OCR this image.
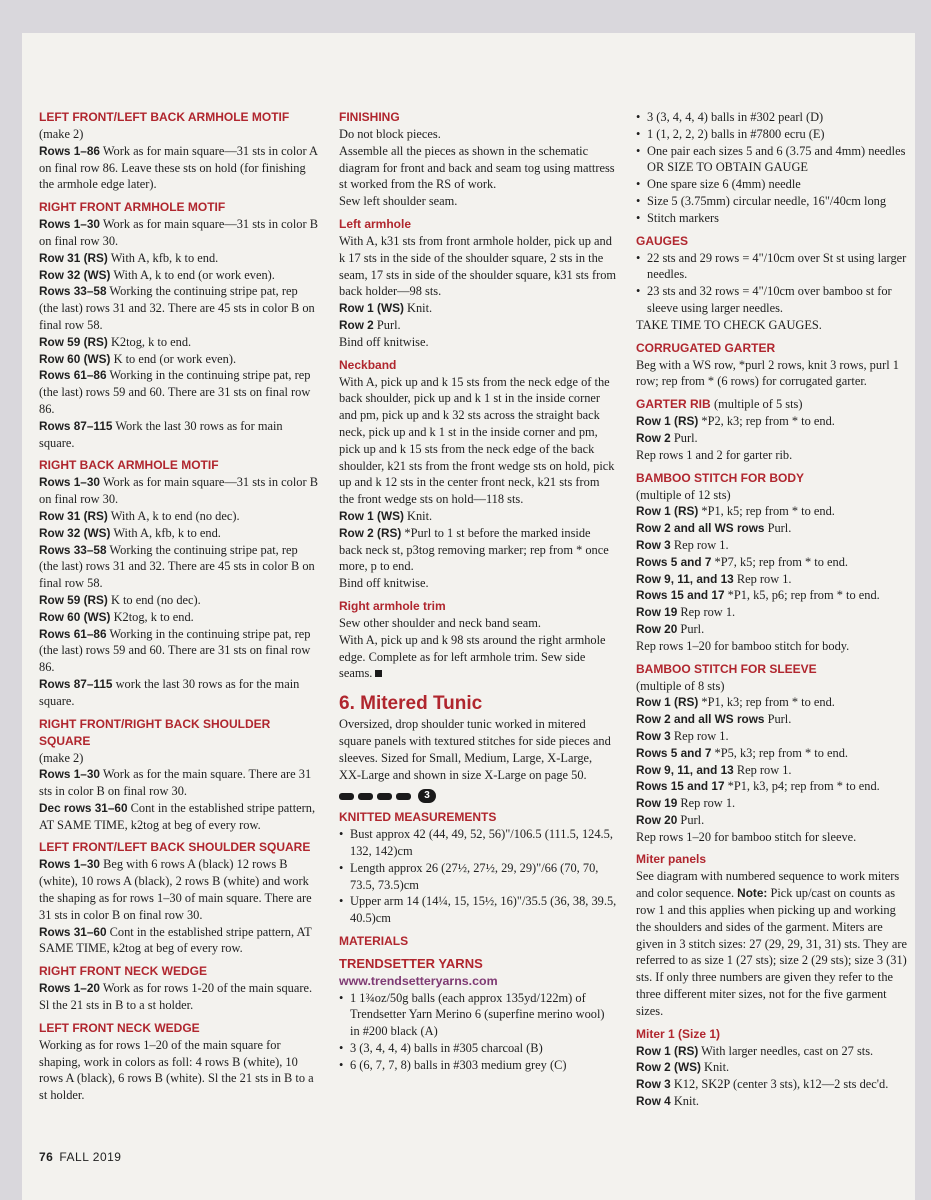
LEFT FRONT/LEFT BACK ARMHOLE MOTIF
(make 2)
Rows 1–86 Work as for main square—31 sts in color A on final row 86. Leave these sts on hold (for finishing the armhole edge later).
RIGHT FRONT ARMHOLE MOTIF
Rows 1–30 Work as for main square—31 sts in color B on final row 30.
Row 31 (RS) With A, kfb, k to end.
Row 32 (WS) With A, k to end (or work even).
Rows 33–58 Working the continuing stripe pat, rep (the last) rows 31 and 32. There are 45 sts in color B on final row 58.
Row 59 (RS) K2tog, k to end.
Row 60 (WS) K to end (or work even).
Rows 61–86 Working in the continuing stripe pat, rep (the last) rows 59 and 60. There are 31 sts on final row 86.
Rows 87–115 Work the last 30 rows as for main square.
RIGHT BACK ARMHOLE MOTIF
Rows 1–30 Work as for main square—31 sts in color B on final row 30.
Row 31 (RS) With A, k to end (no dec).
Row 32 (WS) With A, kfb, k to end.
Rows 33–58 Working the continuing stripe pat, rep (the last) rows 31 and 32. There are 45 sts in color B on final row 58.
Row 59 (RS) K to end (no dec).
Row 60 (WS) K2tog, k to end.
Rows 61–86 Working in the continuing stripe pat, rep (the last) rows 59 and 60. There are 31 sts on final row 86.
Rows 87–115 work the last 30 rows as for the main square.
RIGHT FRONT/RIGHT BACK SHOULDER SQUARE
(make 2)
Rows 1–30 Work as for the main square. There are 31 sts in color B on final row 30.
Dec rows 31–60 Cont in the established stripe pattern, AT SAME TIME, k2tog at beg of every row.
LEFT FRONT/LEFT BACK SHOULDER SQUARE
Rows 1–30 Beg with 6 rows A (black) 12 rows B (white), 10 rows A (black), 2 rows B (white) and work the shaping as for rows 1–30 of main square. There are 31 sts in color B on final row 30.
Rows 31–60 Cont in the established stripe pattern, AT SAME TIME, k2tog at beg of every row.
RIGHT FRONT NECK WEDGE
Rows 1–20 Work as for rows 1-20 of the main square. Sl the 21 sts in B to a st holder.
LEFT FRONT NECK WEDGE
Working as for rows 1–20 of the main square for shaping, work in colors as foll: 4 rows B (white), 10 rows A (black), 6 rows B (white). Sl the 21 sts in B to a st holder.
FINISHING
Do not block pieces.
Assemble all the pieces as shown in the schematic diagram for front and back and seam tog using mattress st worked from the RS of work.
Sew left shoulder seam.
Left armhole
With A, k31 sts from front armhole holder, pick up and k 17 sts in the side of the shoulder square, 2 sts in the seam, 17 sts in side of the shoulder square, k31 sts from back holder—98 sts.
Row 1 (WS) Knit.
Row 2 Purl.
Bind off knitwise.
Neckband
With A, pick up and k 15 sts from the neck edge of the back shoulder, pick up and k 1 st in the inside corner and pm, pick up and k 32 sts across the straight back neck, pick up and k 1 st in the inside corner and pm, pick up and k 15 sts from the neck edge of the back shoulder, k21 sts from the front wedge sts on hold, pick up and k 12 sts in the center front neck, k21 sts from the front wedge sts on hold—118 sts.
Row 1 (WS) Knit.
Row 2 (RS) *Purl to 1 st before the marked inside back neck st, p3tog removing marker; rep from * once more, p to end.
Bind off knitwise.
Right armhole trim
Sew other shoulder and neck band seam.
With A, pick up and k 98 sts around the right armhole edge. Complete as for left armhole trim. Sew side seams.
6. Mitered Tunic
Oversized, drop shoulder tunic worked in mitered square panels with textured stitches for side pieces and sleeves. Sized for Small, Medium, Large, X-Large, XX-Large and shown in size X-Large on page 50.
3
KNITTED MEASUREMENTS
• Bust approx 42 (44, 49, 52, 56)"/106.5 (111.5, 124.5, 132, 142)cm
• Length approx 26 (27½, 27½, 29, 29)"/66 (70, 70, 73.5, 73.5)cm
• Upper arm 14 (14¼, 15, 15½, 16)"/35.5 (36, 38, 39.5, 40.5)cm
MATERIALS
TRENDSETTER YARNS
www.trendsetteryarns.com
• 1 1¾oz/50g balls (each approx 135yd/122m) of Trendsetter Yarn Merino 6 (superfine merino wool) in #200 black (A)
• 3 (3, 4, 4, 4) balls in #305 charcoal (B)
• 6 (6, 7, 7, 8) balls in #303 medium grey (C)
• 3 (3, 4, 4, 4) balls in #302 pearl (D)
• 1 (1, 2, 2, 2) balls in #7800 ecru (E)
• One pair each sizes 5 and 6 (3.75 and 4mm) needles OR SIZE TO OBTAIN GAUGE
• One spare size 6 (4mm) needle
• Size 5 (3.75mm) circular needle, 16"/40cm long
• Stitch markers
GAUGES
• 22 sts and 29 rows = 4"/10cm over St st using larger needles.
• 23 sts and 32 rows = 4"/10cm over bamboo st for sleeve using larger needles.
TAKE TIME TO CHECK GAUGES.
CORRUGATED GARTER
Beg with a WS row, *purl 2 rows, knit 3 rows, purl 1 row; rep from * (6 rows) for corrugated garter.
GARTER RIB (multiple of 5 sts)
Row 1 (RS) *P2, k3; rep from * to end.
Row 2 Purl.
Rep rows 1 and 2 for garter rib.
BAMBOO STITCH FOR BODY
(multiple of 12 sts)
Row 1 (RS) *P1, k5; rep from * to end.
Row 2 and all WS rows Purl.
Row 3 Rep row 1.
Rows 5 and 7 *P7, k5; rep from * to end.
Row 9, 11, and 13 Rep row 1.
Rows 15 and 17 *P1, k5, p6; rep from * to end.
Row 19 Rep row 1.
Row 20 Purl.
Rep rows 1–20 for bamboo stitch for body.
BAMBOO STITCH FOR SLEEVE
(multiple of 8 sts)
Row 1 (RS) *P1, k3; rep from * to end.
Row 2 and all WS rows Purl.
Row 3 Rep row 1.
Rows 5 and 7 *P5, k3; rep from * to end.
Row 9, 11, and 13 Rep row 1.
Rows 15 and 17 *P1, k3, p4; rep from * to end.
Row 19 Rep row 1.
Row 20 Purl.
Rep rows 1–20 for bamboo stitch for sleeve.
Miter panels
See diagram with numbered sequence to work miters and color sequence. Note: Pick up/cast on counts as row 1 and this applies when picking up and working the shoulders and sides of the garment. Miters are given in 3 stitch sizes: 27 (29, 29, 31, 31) sts. They are referred to as size 1 (27 sts); size 2 (29 sts); size 3 (31) sts. If only three numbers are given they refer to the three different miter sizes, not for the five garment sizes.
Miter 1 (Size 1)
Row 1 (RS) With larger needles, cast on 27 sts.
Row 2 (WS) Knit.
Row 3 K12, SK2P (center 3 sts), k12—2 sts dec'd.
Row 4 Knit.
76 FALL 2019
